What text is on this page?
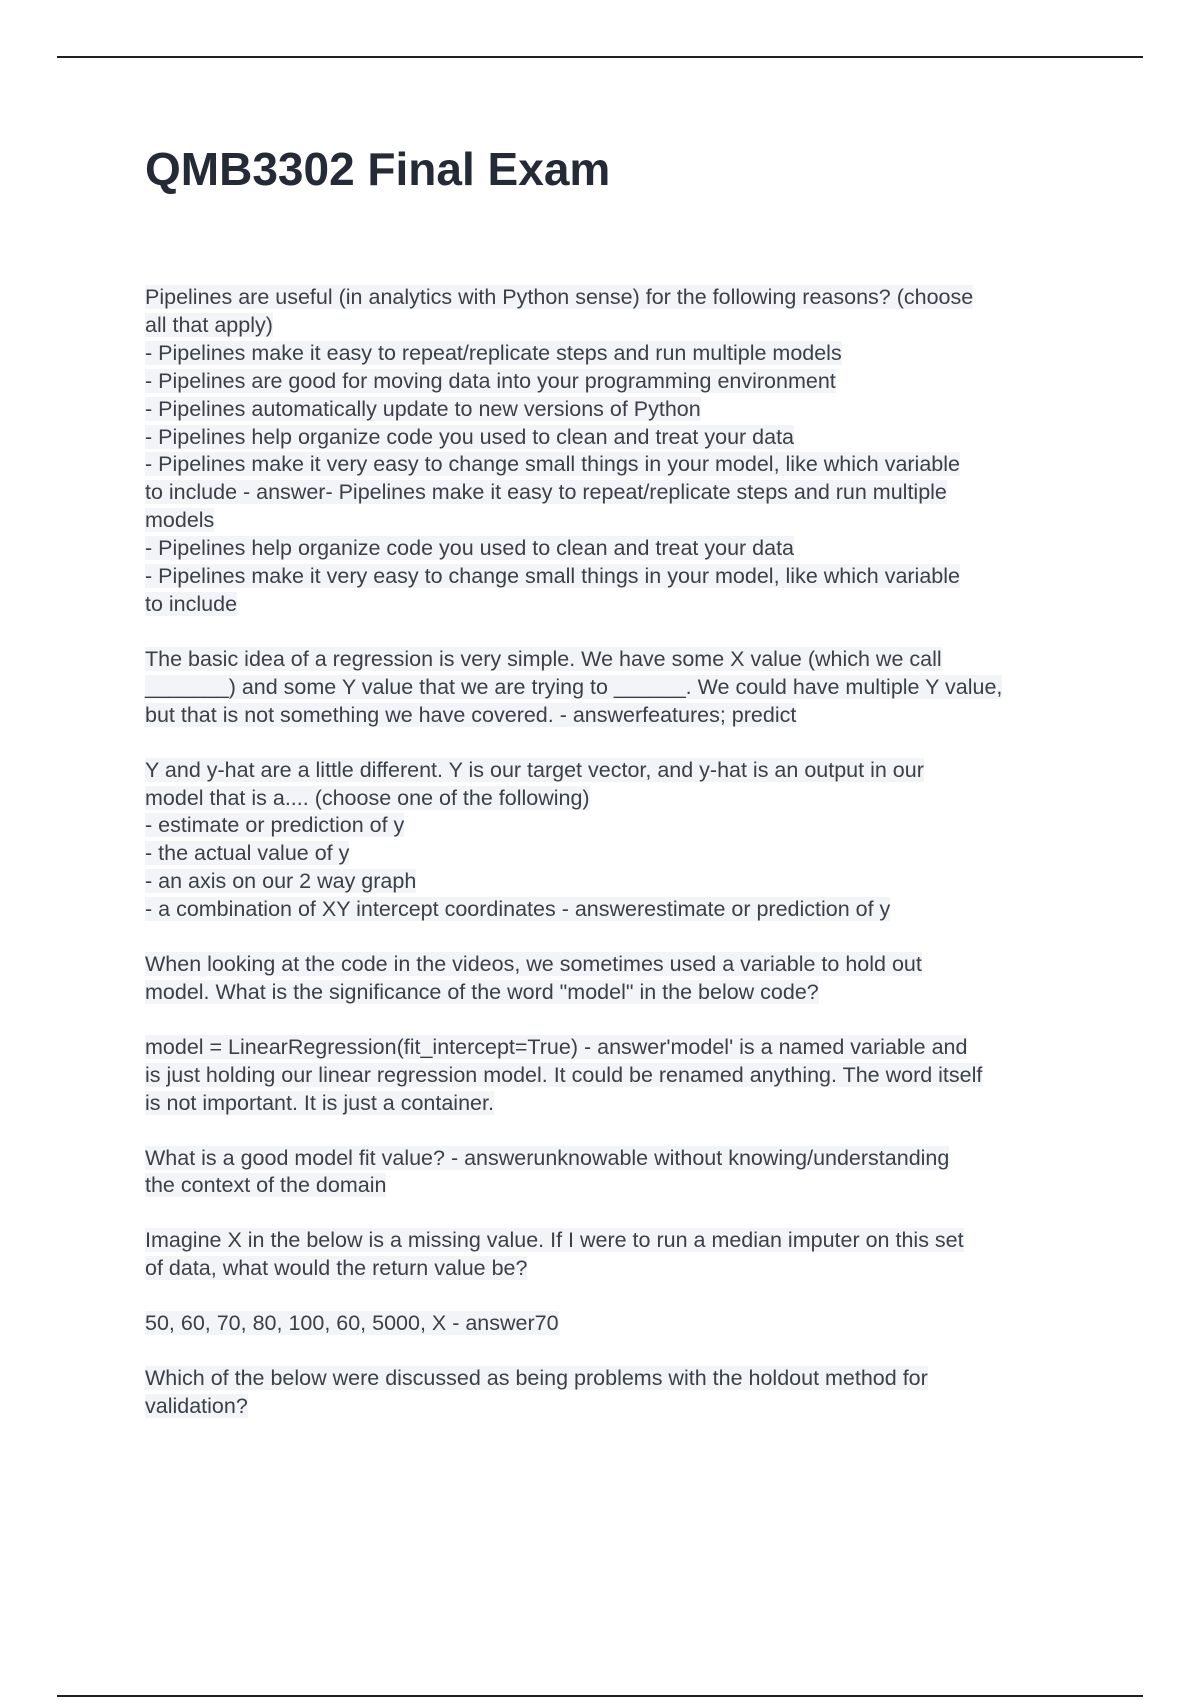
QMB3302 Final Exam
Pipelines are useful (in analytics with Python sense) for the following reasons? (choose
all that apply)
- Pipelines make it easy to repeat/replicate steps and run multiple models
- Pipelines are good for moving data into your programming environment
- Pipelines automatically update to new versions of Python
- Pipelines help organize code you used to clean and treat your data
- Pipelines make it very easy to change small things in your model, like which variable
to include - answer- Pipelines make it easy to repeat/replicate steps and run multiple
models
- Pipelines help organize code you used to clean and treat your data
- Pipelines make it very easy to change small things in your model, like which variable
to include
The basic idea of a regression is very simple. We have some X value (which we call
_______) and some Y value that we are trying to ______. We could have multiple Y value,
but that is not something we have covered. - answerfeatures; predict
Y and y-hat are a little different. Y is our target vector, and y-hat is an output in our
model that is a.... (choose one of the following)
- estimate or prediction of y
- the actual value of y
- an axis on our 2 way graph
- a combination of XY intercept coordinates - answerestimate or prediction of y
When looking at the code in the videos, we sometimes used a variable to hold out
model. What is the significance of the word "model" in the below code?
model = LinearRegression(fit_intercept=True) - answer'model' is a named variable and
is just holding our linear regression model. It could be renamed anything. The word itself
is not important. It is just a container.
What is a good model fit value? - answerunknowable without knowing/understanding
the context of the domain
Imagine X in the below is a missing value. If I were to run a median imputer on this set
of data, what would the return value be?
50, 60, 70, 80, 100, 60, 5000, X - answer70
Which of the below were discussed as being problems with the holdout method for
validation?
